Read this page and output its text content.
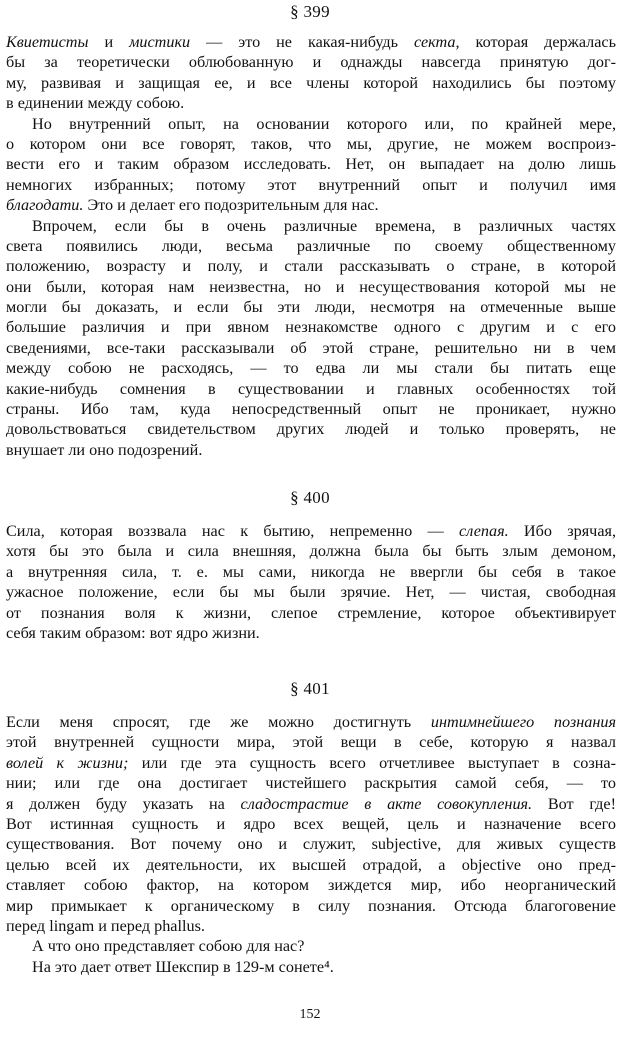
§ 399
Квиетисты и мистики — это не какая-нибудь секта, которая держалась
бы за теоретически облюбованную и однажды навсегда принятую дог-
му, развивая и защищая ее, и все члены которой находились бы поэтому
в единении между собою.
Но внутренний опыт, на основании которого или, по крайней мере,
о котором они все говорят, таков, что мы, другие, не можем воспроиз-
вести его и таким образом исследовать. Нет, он выпадает на долю лишь
немногих избранных; потому этот внутренний опыт и получил имя
благодати. Это и делает его подозрительным для нас.
Впрочем, если бы в очень различные времена, в различных частях
света появились люди, весьма различные по своему общественному
положению, возрасту и полу, и стали рассказывать о стране, в которой
они были, которая нам неизвестна, но и несуществования которой мы не
могли бы доказать, и если бы эти люди, несмотря на отмеченные выше
большие различия и при явном незнакомстве одного с другим и с его
сведениями, все-таки рассказывали об этой стране, решительно ни в чем
между собою не расходясь, — то едва ли мы стали бы питать еще
какие-нибудь сомнения в существовании и главных особенностях той
страны. Ибо там, куда непосредственный опыт не проникает, нужно
довольствоваться свидетельством других людей и только проверять, не
внушает ли оно подозрений.
§ 400
Сила, которая воззвала нас к бытию, непременно — слепая. Ибо зрячая,
хотя бы это была и сила внешняя, должна была бы быть злым демоном,
а внутренняя сила, т. е. мы сами, никогда не ввергли бы себя в такое
ужасное положение, если бы мы были зрячие. Нет, — чистая, свободная
от познания воля к жизни, слепое стремление, которое объективирует
себя таким образом: вот ядро жизни.
§ 401
Если меня спросят, где же можно достигнуть интимнейшего познания
этой внутренней сущности мира, этой вещи в себе, которую я назвал
волей к жизни; или где эта сущность всего отчетливее выступает в созна-
нии; или где она достигает чистейшего раскрытия самой себя, — то
я должен буду указать на сладострастие в акте совокупления. Вот где!
Вот истинная сущность и ядро всех вещей, цель и назначение всего
существования. Вот почему оно и служит, subjective, для живых существ
целью всей их деятельности, их высшей отрадой, а objective оно пред-
ставляет собою фактор, на котором зиждется мир, ибо неорганический
мир примыкает к органическому в силу познания. Отсюда благоговение
перед lingam и перед phallus.
А что оно представляет собою для нас?
На это дает ответ Шекспир в 129-м сонете⁴.
152
